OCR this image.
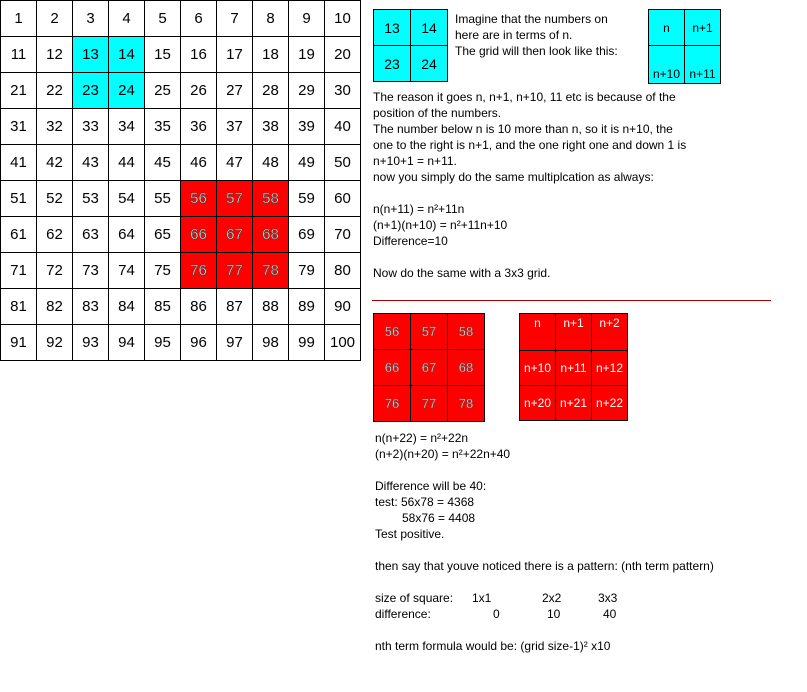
1	2	3	4	5	6	7	8	9	10
11	12	13	14	15	16	17	18	19	20
21	22	23	24	25	26	27	28	29	30
31	32	33	34	35	36	37	38	39	40
41	42	43	44	45	46	47	48	49	50
51	52	53	54	55	56	57	58	59	60
61	62	63	64	65	66	67	68	69	70
71	72	73	74	75	76	77	78	79	80
81	82	83	84	85	86	87	88	89	90
91	92	93	94	95	96	97	98	99	100
13	14
23	24
Imagine that the numbers on
here are in terms of n.
The grid will then look like this:
n	n+1
n+10	n+11
The reason it goes n, n+1, n+10, 11 etc is because of the
position of the numbers.
The number below n is 10 more than n, so it is n+10, the
one to the right is n+1, and the one right one and down 1 is
n+10+1 = n+11.
now you simply do the same multiplcation as always:
n(n+11) = n²+11n
(n+1)(n+10) = n²+11n+10
Difference=10
Now do the same with a 3x3 grid.
56	57	58
66	67	68
76	77	78
n	n+1	n+2
n+10	n+11	n+12
n+20	n+21	n+22
n(n+22) = n²+22n
(n+2)(n+20) = n²+22n+40
Difference will be 40:
test: 56x78 = 4368
58x76 = 4408
Test positive.
then say that youve noticed there is a pattern: (nth term pattern)
size of square: 1x1	2x2	3x3
difference:	0	10	40
nth term formula would be: (grid size-1)² x10
